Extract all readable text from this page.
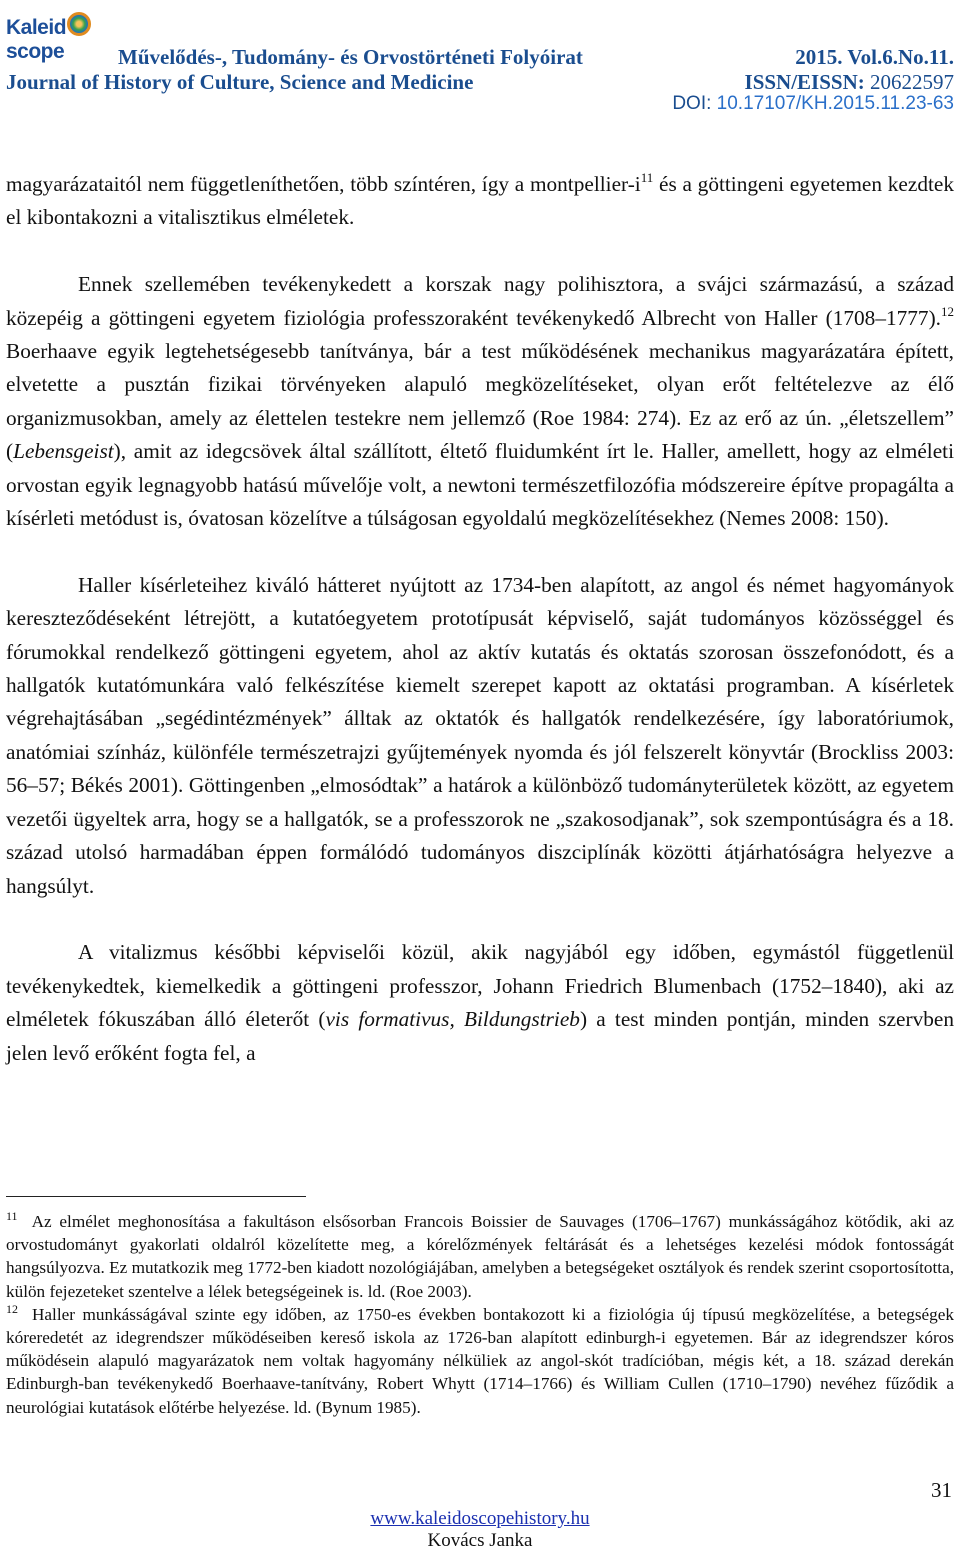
Kaleidscope	Művelődés-, Tudomány- és Orvostörténeti Folyóirat
Journal of History of Culture, Science and Medicine
2015. Vol.6.No.11.
ISSN/EISSN: 20622597
DOI: 10.17107/KH.2015.11.23-63

magyarázataitól nem függetleníthetően, több színtéren, így a montpellier-$i^{11}$ és a göttingeni egyetemen kezdtek el kibontakozni a vitalisztikus elméletek.

Ennek szellemében tevékenykedett a korszak nagy polihisztora, a svájci származású, a század közepéig a göttingeni egyetem fiziológia professzoraként tevékenykedő Albrecht von Haller (1708–1777).$^{12}$ Boerhaave egyik legtehetségesebb tanítványa, bár a test működésének mechanikus magyarázatára épített, elvetette a pusztán fizikai törvényeken alapuló megközelítéseket, olyan erőt feltételezve az élő organizmusokban, amely az élettelen testekre nem jellemző (Roe 1984: 274). Ez az erő az ún. „életszellem” (Lebensgeist), amit az idegcsövek által szállított, éltető fluidumként írt le. Haller, amellett, hogy az elméleti orvostan egyik legnagyobb hatású művelője volt, a newtoni természetfilozófia módszereire építve propagálta a kísérleti metódust is, óvatosan közelítve a túlságosan egyoldalú megközelítésekhez (Nemes 2008: 150).

Haller kísérleteihez kiváló hátteret nyújtott az 1734-ben alapított, az angol és német hagyományok kereszteződéseként létrejött, a kutatóegyetem prototípusát képviselő, saját tudományos közösséggel és fórumokkal rendelkező göttingeni egyetem, ahol az aktív kutatás és oktatás szorosan összefonódott, és a hallgatók kutatómunkára való felkészítése kiemelt szerepet kapott az oktatási programban. A kísérletek végrehajtásában „segédintézmények” álltak az oktatók és hallgatók rendelkezésére, így laboratóriumok, anatómiai színház, különféle természetrajzi gyűjtemények nyomda és jól felszerelt könyvtár (Brockliss 2003: 56–57; Békés 2001). Göttingenben „elmosódtak” a határok a különböző tudományterületek között, az egyetem vezetői ügyeltek arra, hogy se a hallgatók, se a professzorok ne „szakosodjanak”, sok szempontúságra és a 18. század utolsó harmadában éppen formálódó tudományos diszciplínák közötti átjárhatóságra helyezve a hangsúlyt.

A vitalizmus későbbi képviselői közül, akik nagyjából egy időben, egymástól függetlenül tevékenykedtek, kiemelkedik a göttingeni professzor, Johann Friedrich Blumenbach (1752–1840), aki az elméletek fókuszában álló életerőt (vis formativus, Bildungstrieb) a test minden pontján, minden szervben jelen levő erőként fogta fel, a

$^{11}$ Az elmélet meghonosítása a fakultáson elsősorban Francois Boissier de Sauvages (1706–1767) munkásságához kötődik, aki az orvostudományt gyakorlati oldalról közelítette meg, a kórelőzmények feltárását és a lehetséges kezelési módok fontosságát hangsúlyozva. Ez mutatkozik meg 1772-ben kiadott nozológiájában, amelyben a betegségeket osztályok és rendek szerint csoportosította, külön fejezeteket szentelve a lélek betegségeinek is. ld. (Roe 2003).

$^{12}$ Haller munkásságával szinte egy időben, az 1750-es években bontakozott ki a fiziológia új típusú megközelítése, a betegségek kóreredetét az idegrendszer működéseiben kereső iskola az 1726-ban alapított edinburgh-i egyetemen. Bár az idegrendszer kóros működésein alapuló magyarázatok nem voltak hagyomány nélküliek az angol-skót tradícióban, mégis két, a 18. század derekán Edinburgh-ban tevékenykedő Boerhaave-tanítvány, Robert Whytt (1714–1766) és William Cullen (1710–1790) nevéhez fűződik a neurológiai kutatások előtérbe helyezése. ld. (Bynum 1985).

31
www.kaleidoscopehistory.hu
Kovács Janka
